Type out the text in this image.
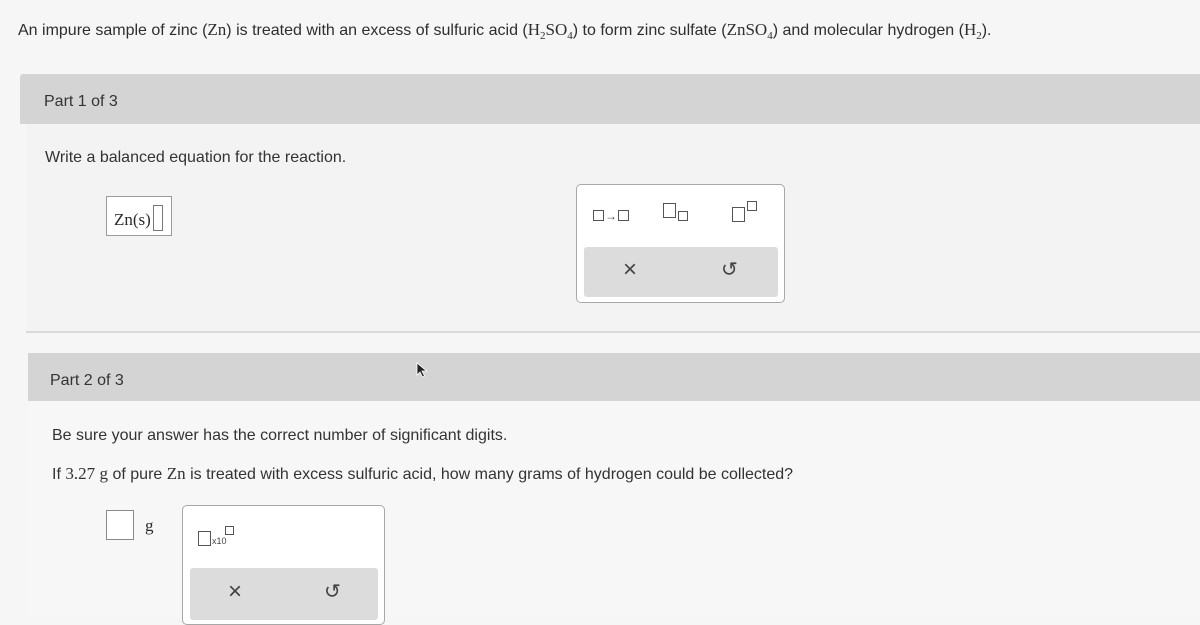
An impure sample of zinc (Zn) is treated with an excess of sulfuric acid $(H_2SO_4)$ to form zinc sulfate (ZnSO$_4$) and molecular hydrogen $(H_2)$.
Part 1 of 3
Write a balanced equation for the reaction.
Zn(s)	→
×	↺
Part 2 of 3
Be sure your answer has the correct number of significant digits.
If 3.27 g of pure Zn is treated with excess sulfuric acid, how many grams of hydrogen could be collected?
g
x10
×	↺
